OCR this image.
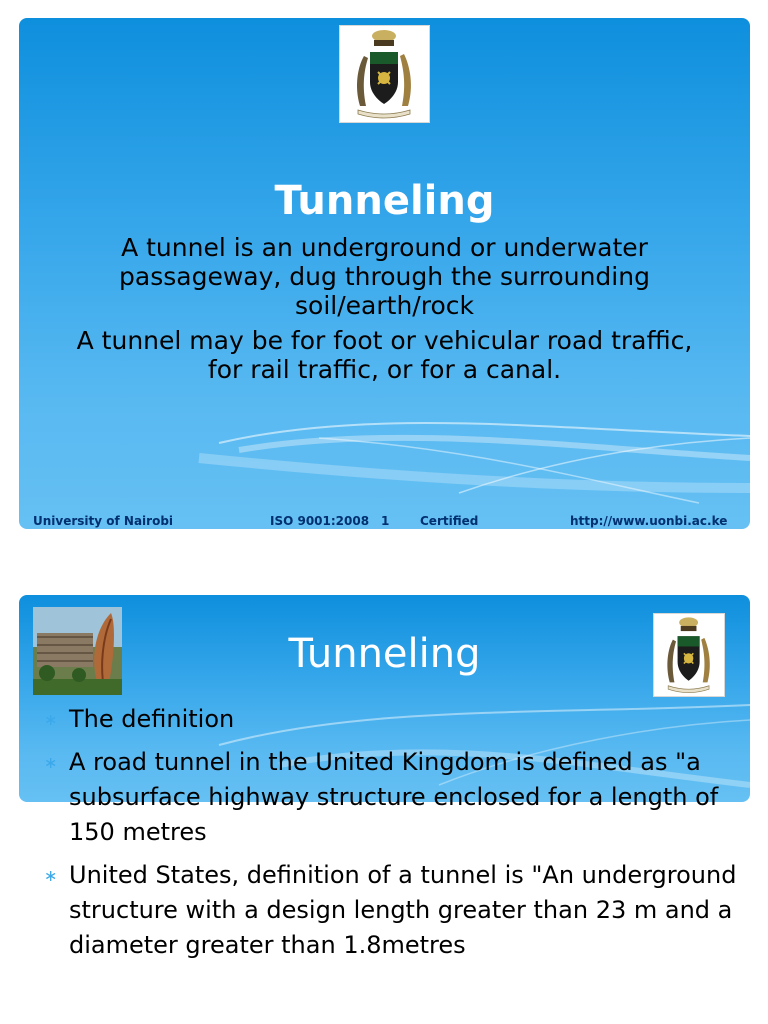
Tunneling

A tunnel is an underground or underwater passageway, dug through the surrounding soil/earth/rock

A tunnel may be for foot or vehicular road traffic, for rail traffic, or for a canal.

University of Nairobi	ISO 9001:2008 1	Certified	http://www.uonbi.ac.ke
Tunneling
∗ The definition
∗ A road tunnel in the United Kingdom is defined as "a subsurface highway structure enclosed for a length of 150 metres
∗ United States, definition of a tunnel is "An underground structure with a design length greater than 23 m and a diameter greater than 1.8metres
